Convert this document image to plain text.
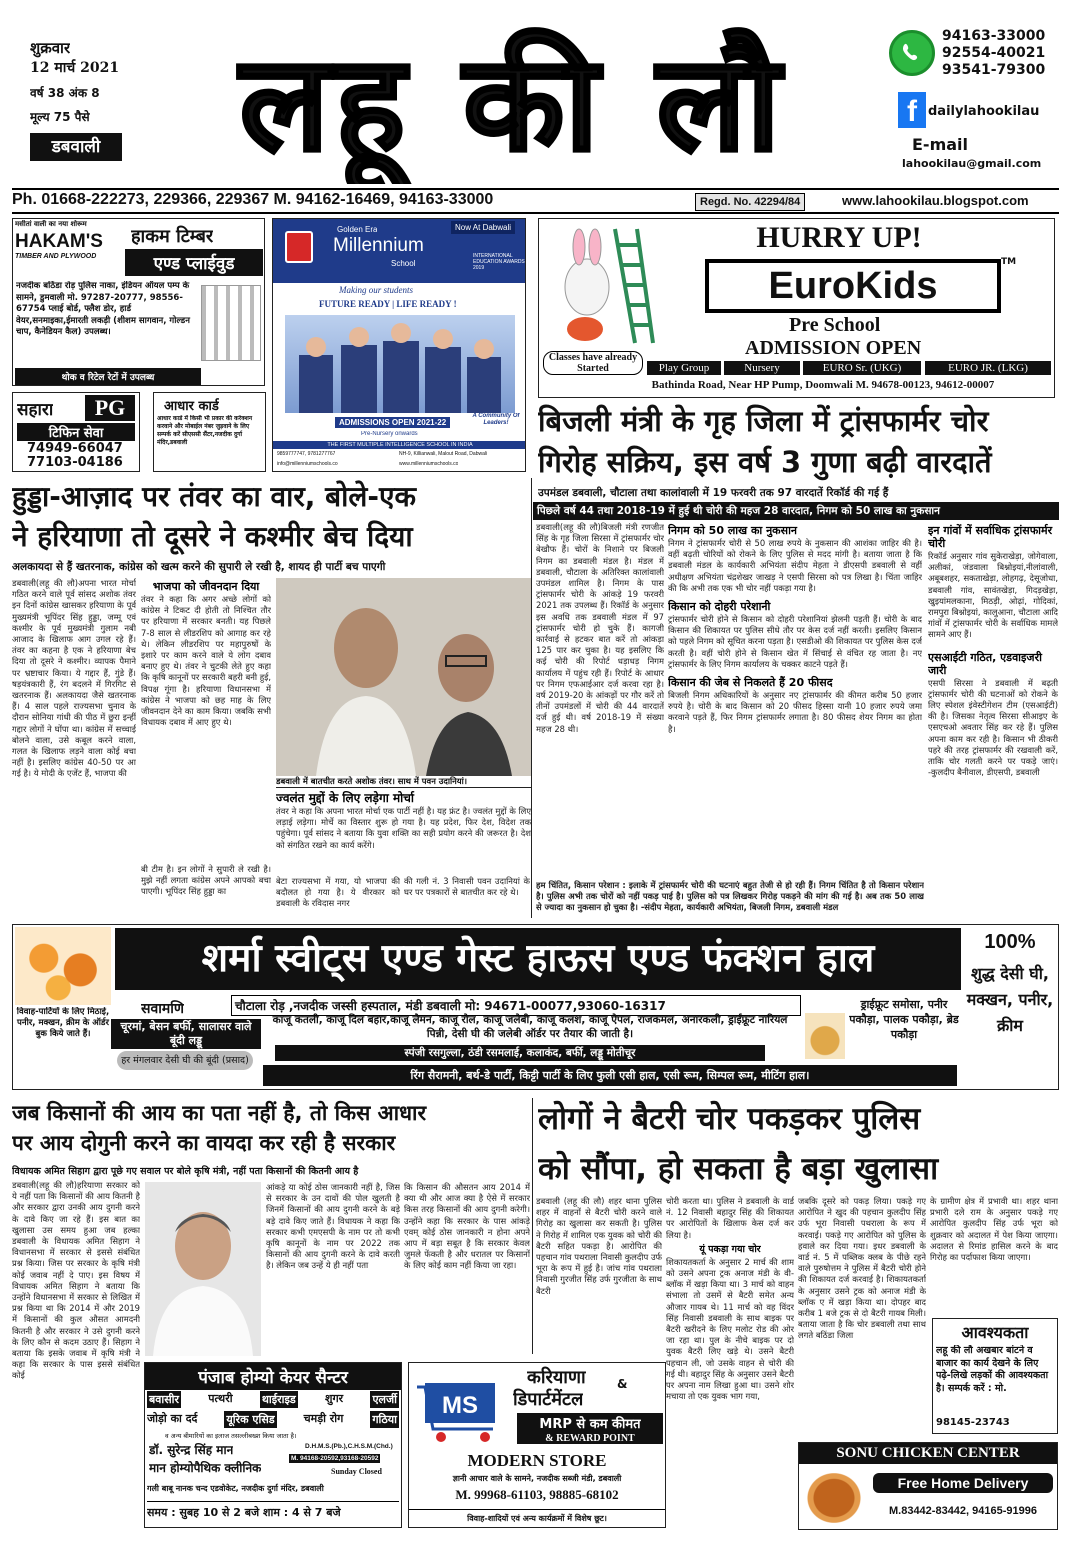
शुक्रवार
12 मार्च 2021
वर्ष 38 अंक 8
मूल्य 75 पैसे
डबवाली	लहू की लौ	94163-33000
92554-40021
93541-79300
f dailylahookilau
E-mail
lahookilau@gmail.com
Ph. 01668-222273, 229366, 229367 M. 94162-16469, 94163-33000	Regd. No. 42294/84	www.lahookilau.blogspot.com
मसीतां वाली का नया शोरूम
HAKAM'S
TIMBER AND PLYWOOD
हाकम टिम्बर
एण्ड प्लाईवुड
नजदीक बठिंडा रोड़ पुलिस नाका, इंडियन ऑयल पम्प के सामने, डुमवाली मो. 97287-20777, 98556-67754 प्लाई बोर्ड, फ्लैश डोर, हार्ड वेयर,सनमाइका,ईमारती लकड़ी (शीशम सागवान, गोल्डन चाप, कैनेडियन कैल) उपलब्ध।
थोक व रिटेल रेटों में उपलब्ध
सहारा	PG
टिफिन सेवा
74949-66047
77103-04186
आधार कार्ड
आधार कार्ड में किसी भी प्रकार की करेक्शन करवाने और मोबाईल नंबर जुड़वाने के लिए सम्पर्क करें सीएससी सैंटर,नजदीक दुर्गा मंदिर,डबवाली
Golden Era
Millennium
School
Now At Dabwali
INTERNATIONAL EDUCATION AWARDS 2019
Making our students
FUTURE READY | LIFE READY !
ADMISSIONS OPEN 2021-22
Pre-Nursery onwards
A Community Of Leaders!
THE FIRST MULTIPLE INTELLIGENCE SCHOOL IN INDIA
9859777747, 9781277767	NH-9, Killianwali, Malout Road, Dabwali
info@millenniumschools.co	www.millenniumschools.co
HURRY UP!
EuroKids
TM
Pre School
ADMISSION OPEN
Classes have already Started	Play Group	Nursery	EURO Sr. (UKG)	EURO JR. (LKG)
Bathinda Road, Near HP Pump, Doomwali M. 94678-00123, 94612-00007
बिजली मंत्री के गृह जिला में ट्रांसफार्मर चोर
गिरोह सक्रिय, इस वर्ष 3 गुणा बढ़ी वारदातें
उपमंडल डबवाली, चौटाला तथा कालांवाली में 19 फरवरी तक 97 वारदातें रिकॉर्ड की गई हैं
पिछले वर्ष 44 तथा 2018-19 में हुई थी चोरी की महज 28 वारदात, निगम को 50 लाख का नुकसान
डबवाली(लहू की लौ)बिजली मंत्री रणजीत सिंह के गृह जिला सिरसा में ट्रांसफार्मर चोर बेखौफ हैं। चोरों के निशाने पर बिजली निगम का डबवाली मंडल है। मंडल में डबवाली, चौटाला के अतिरिक्त कालांवाली उपमंडल शामिल है। निगम के पास ट्रांसफार्मर चोरी के आंकड़े 19 फरवरी 2021 तक उपलब्ध हैं। रिकॉर्ड के अनुसार इस अवधि तक डबवाली मंडल में 97 ट्रांसफार्मर चोरी हो चुके हैं। कागजी कार्रवाई से हटकर बात करें तो आंकड़ा 125 पार कर चुका है। यह इसलिए कि कई चोरी की रिपोर्ट धड़ाधड़ निगम कार्यालय में पहुंच रही हैं। रिपोर्ट के आधार पर निगम एफआईआर दर्ज करवा रहा है। वर्ष 2019-20 के आंकड़ों पर गौर करें तो तीनों उपमंडलों में चोरी की 44 वारदातें दर्ज हुई थी। वर्ष 2018-19 में संख्या महज 28 थी।
निगम को 50 लाख का नुकसान
निगम ने ट्रांसफार्मर चोरी से 50 लाख रुपये के नुकसान की आशंका जाहिर की है। वहीं बढ़ती चोरियों को रोकने के लिए पुलिस से मदद मांगी है। बताया जाता है कि डबवाली मंडल के कार्यकारी अभियंता संदीप मेहता ने डीएसपी डबवाली से वहीं अधीक्षण अभियंता चंद्रशेखर जाखड़ ने एसपी सिरसा को पत्र लिखा है। चिंता जाहिर की कि अभी तक एक भी चोर नहीं पकड़ा गया है।
किसान को दोहरी परेशानी
ट्रांसफार्मर चोरी होने से किसान को दोहरी परेशानियां झेलनी पड़ती हैं। चोरी के बाद किसान की शिकायत पर पुलिस सीधे तौर पर केस दर्ज नहीं करती। इसलिए किसान को पहले निगम को सूचित करना पड़ता है। एसडीओ की शिकायत पर पुलिस केस दर्ज करती है। वहीं चोरी होने से किसान खेत में सिंचाई से वंचित रह जाता है। नए ट्रांसफार्मर के लिए निगम कार्यालय के चक्कर काटने पड़ते हैं।
किसान की जेब से निकलते हैं 20 फीसद
बिजली निगम अधिकारियों के अनुसार नए ट्रांसफार्मर की कीमत करीब 50 हजार रुपये है। चोरी के बाद किसान को 20 फीसद हिस्सा यानी 10 हजार रुपये जमा करवाने पड़ते हैं, फिर निगम ट्रांसफार्मर लगाता है। 80 फीसद शेयर निगम का होता है।
हम चिंतित, किसान परेशान : इलाके में ट्रांसफार्मर चोरी की घटनाएं बहुत तेजी से हो रही हैं। निगम चिंतित है तो किसान परेशान है। पुलिस अभी तक चोरों को नहीं पकड़ पाई है। पुलिस को पत्र लिखकर गिरोह पकड़ने की मांग की गई है। अब तक 50 लाख से ज्यादा का नुकसान हो चुका है। -संदीप मेहता, कार्यकारी अभियंता, बिजली निगम, डबवाली मंडल
इन गांवों में सर्वाधिक ट्रांसफार्मर चोरी
रिकॉर्ड अनुसार गांव सुकेराखेड़ा, जोगेवाला, अलीकां, जंडवाला बिश्नोइयां,नीलांवाली, अबूबशहर, सकताखेड़ा, लोहगढ़, देसूजोधा, डबवाली गांव, सावंतखेड़ा, गिदड़खेड़ा, खुइयांमलकाना, मिठड़ी, ओढ़ां, गोदिकां, रामपुरा बिश्नोइयां, कालुआना, चौटाला आदि गांवों में ट्रांसफार्मर चोरी के सर्वाधिक मामले सामने आए हैं।
एसआईटी गठित, एडवाइजरी जारी
एसपी सिरसा ने डबवाली में बढ़ती ट्रांसफार्मर चोरी की घटनाओं को रोकने के लिए स्पेशल इंवेस्टीगेशन टीम (एसआईटी) की है। जिसका नेतृत्व सिरसा सीआइए के एसएचओ अवतार सिंह कर रहे हैं। पुलिस अपना काम कर रही है। किसान भी ठीकरी पहरे की तरह ट्रांसफार्मर की रखवाली करें, ताकि चोर गलती करने पर पकड़े जाएं। -कुलदीप बैनीवाल, डीएसपी, डबवाली
हुड्डा-आज़ाद पर तंवर का वार, बोले-एक
ने हरियाणा तो दूसरे ने कश्मीर बेच दिया
अलकायदा से हैं खतरनाक, कांग्रेस को खत्म करने की सुपारी ले रखी है, शायद ही पार्टी बच पाएगी
डबवाली(लहू की लौ)अपना भारत मोर्चा गठित करने वाले पूर्व सांसद अशोक तंवर इन दिनों कांग्रेस खासकर हरियाणा के पूर्व मुख्यमंत्री भूपिंदर सिंह हुड्डा, जम्मू एवं कश्मीर के पूर्व मुख्यमंत्री गुलाम नबी आजाद के खिलाफ आग उगल रहे हैं। तंवर का कहना है एक ने हरियाणा बेच दिया तो दूसरे ने कश्मीर। व्यापक पैमाने पर भ्रष्टाचार किया। ये गद्दार हैं, गुंडे हैं। षड़यंत्रकारी हैं, रंग बदलने में गिरगिट से खतरनाक हैं। अलकायदा जैसे खतरनाक हैं। 4 साल पहले राज्यसभा चुनाव के दौरान सोनिया गांधी की पीठ में छुरा इन्हीं गद्दार लोगों ने घोंपा था। कांग्रेस में सच्चाई बोलने वाला, उसे कबूल करने वाला, गलत के खिलाफ लड़ने वाला कोई बचा नहीं है। इसलिए कांग्रेस 40-50 पर आ गई है। ये मोदी के एजेंट हैं, भाजपा की
भाजपा को जीवनदान दिया
तंवर ने कहा कि अगर अच्छे लोगों को कांग्रेस ने टिकट दी होती तो निश्चित तौर पर हरियाणा में सरकार बनती। यह पिछले 7-8 साल से लीडरशिप को आगाह कर रहे थे। लेकिन लीडरशिप पर महापुरुषों के इशारे पर काम करने वाले ये लोग दबाव बनाए हुए थे। तंवर ने चुटकी लेते हुए कहा कि कृषि कानूनों पर सरकारी बहरी बनी हुई, विपक्ष गूंगा है। हरियाणा विधानसभा में कांग्रेस ने भाजपा को छह माह के लिए जीवनदान देने का काम किया। जबकि सभी विधायक दबाव में आए हुए थे।
डबवाली में बातचीत करते अशोक तंवर। साथ में पवन उदानियां।
ज्वलंत मुद्दों के लिए लड़ेगा मोर्चा
तंवर ने कहा कि अपना भारत मोर्चा एक पार्टी नहीं है। यह फ्रंट है। ज्वलंत मुद्दों के लिए लड़ाई लड़ेगा। मोर्चे का विस्तार शुरू हो गया है। यह प्रदेश, फिर देश, विदेश तक पहुंचेगा। पूर्व सांसद ने बताया कि युवा शक्ति का सही प्रयोग करने की जरूरत है। देश को संगठित रखने का कार्य करेंगे।
बी टीम है। इन लोगों ने सुपारी ले रखी है। मुझे नहीं लगता कांग्रेस अपने आपको बचा पाएगी। भूपिंदर सिंह हुड्डा का
बेटा राज्यसभा में गया, यो भाजपा की बदौलत हो गया है। ये वीरकार को डबवाली के रविदास नगर
की गली नं. 3 निवासी पवन उदानियां के घर पर पत्रकारों से बातचीत कर रहे थे।
विवाह-पार्टियों के लिए मिठाई, पनीर, मक्खन, क्रीम के ऑर्डर बुक किये जाते हैं।
शर्मा स्वीट्स एण्ड गेस्ट हाऊस एण्ड फंक्शन हाल
चौटाला रोड़ ,नजदीक जस्सी हस्पताल, मंडी डबवाली मो: 94671-00077,93060-16317
सवामणि
चूरमां, बेसन बर्फी, सालासर वाले बूंदी लड्डू
हर मंगलवार देसी घी की बूंदी (प्रसाद)
काजू कतली, काजू दिल बहार,काजू लैमन, काजू रोल, काजू जलेबी, काजू कलश, काजू ऐपल, राजकमल, अनारकली, ड्राईफ्रूट नारियल पिन्नी, देसी घी की जलेबी ऑर्डर पर तैयार की जाती है।
स्पंजी रसगुल्ला, ठंडी रसमलाई, कलाकंद, बर्फी, लड्डू मोतीचूर
रिंग सैरामनी, बर्थ-डे पार्टी, किट्टी पार्टी के लिए फुली एसी हाल, एसी रूम, सिम्पल रूम, मीटिंग हाल।
ड्राईफ्रूट समोसा, पनीर पकौड़ा, पालक पकौड़ा, ब्रेड पकौड़ा
100%
शुद्ध देसी घी, मक्खन, पनीर, क्रीम
जब किसानों की आय का पता नहीं है, तो किस आधार
पर आय दोगुनी करने का वायदा कर रही है सरकार
विधायक अमित सिहाग द्वारा पूछे गए सवाल पर बोले कृषि मंत्री, नहीं पता किसानों की कितनी आय है
डबवाली(लहू की लौ)हरियाणा सरकार को ये नहीं पता कि किसानों की आय कितनी है और सरकार द्वारा उनकी आय दुगनी करने के दावे किए जा रहे हैं। इस बात का खुलासा उस समय हुआ जब हल्का डबवाली के विधायक अमित सिहाग ने विधानसभा में सरकार से इससे संबंधित प्रश्न किया। जिस पर सरकार के कृषि मंत्री कोई जवाब नहीं दे पाए। इस विषय में विधायक अमित सिहाग ने बताया कि उन्होंने विधानसभा में सरकार से लिखित में प्रश्न किया था कि 2014 में और 2019 में किसानों की कुल औसत आमदनी कितनी है और सरकार ने उसे दुगनी करने के लिए कौन से कदम उठाए हैं। सिहाग ने बताया कि इसके जवाब में कृषि मंत्री ने कहा कि सरकार के पास इससे संबंधित कोई
आंकड़े या कोई ठोस जानकारी नहीं है, जिस से सरकार के उन दावों की पोल खुलती है जिनमें किसानों की आय दुगनी करने के बड़े बड़े दावे किए जाते हैं। विधायक ने कहा कि सरकार कभी एमएसपी के नाम पर तो कभी कृषि कानूनों के नाम पर 2022 तक किसानों की आय दुगनी करने के दावे करती है। लेकिन जब उन्हें ये ही नहीं पता
कि किसान की औसतन आय 2014 में क्या थी और आज क्या है ऐसे में सरकार किस तरह किसानों की आय दुगनी करेगी। उन्होंने कहा कि सरकार के पास आंकड़े एवम् कोई ठोस जानकारी न होना अपने आप में बड़ा सबूत है कि सरकार केवल जुमले फेंकती है और धरातल पर किसानों के लिए कोई काम नहीं किया जा रहा।
पंजाब होम्यो केयर सैन्टर
बवासीर	पत्थरी	थाईराइड	शुगर	एलर्जी
जोड़ो का दर्द	यूरिक एसिड	चमड़ी रोग	गठिया
व अन्य बीमारियों का इलाज तसल्लीबख्श किया जाता है।
डॉ. सुरेन्द्र सिंह मान
मान होम्योपैथिक क्लीनिक
D.H.M.S.(Pb.),C.H.S.M.(Chd.)
M. 94168-20592,93168-20592
Sunday Closed
गली बाबू नानक चन्द एडवोकेट, नजदीक दुर्गा मंदिर, डबवाली
समय : सुबह 10 से 2 बजे शाम : 4 से 7 बजे
करियाणा	&
डिपार्टमेंटल
MS
MRP से कम कीमत
& REWARD POINT
MODERN STORE
ज्ञानी आचार वाले के सामने, नजदीक सब्जी मंडी, डबवाली
M. 99968-61103, 98885-68102
विवाह-शादियों एवं अन्य कार्यक्रमों में विशेष छूट।
लोगों ने बैटरी चोर पकड़कर पुलिस
को सौंपा, हो सकता है बड़ा खुलासा
डबवाली (लहू की लौ) शहर थाना पुलिस शहर में वाहनों से बैटरी चोरी करने वाले गिरोह का खुलासा कर सकती है। पुलिस ने गिरोह में शामिल एक युवक को चोरी की बैटरी सहित पकड़ा है। आरोपित की पहचान गांव पथराला निवासी कुलदीप उर्फ भूरा के रूप में हुई है। जांच गांव पथराला निवासी गुरजीत सिंह उर्फ गुरजीता के साथ बैटरी
चोरी करता था। पुलिस ने डबवाली के वार्ड नं. 12 निवासी बहादुर सिंह की शिकायत पर आरोपितों के खिलाफ केस दर्ज कर लिया है।
यूं पकड़ा गया चोर
शिकायतकर्ता के अनुसार 2 मार्च की शाम को उसने अपना ट्रक अनाज मंडी के वी-ब्लॉक में खड़ा किया था। 3 मार्च को वाहन संभाला तो उसमें से बैटरी समेत अन्य औजार गायब थे। 11 मार्च को वह विंदर सिंह निवासी डबवाली के साथ बाइक पर बैटरी खरीदने के लिए मलोट रोड की ओर जा रहा था। पुल के नीचे बाइक पर दो युवक बैटरी लिए खड़े थे। उसने बैटरी पहचान ली, जो उसके वाहन से चोरी की गई थी। बहादुर सिंह के अनुसार उसने बैटरी पर अपना नाम लिखा हुआ था। उसने शोर मचाया तो एक युवक भाग गया,
जबकि दूसरे को पकड़ लिया। पकड़े गए आरोपित ने खुद की पहचान कुलदीप सिंह उर्फ भूरा निवासी पथराला के रूप में करवाई। पकड़े गए आरोपित को पुलिस के हवाले कर दिया गया। इधर डबवाली के वार्ड नं. 5 में पब्लिक क्लब के पीछे रहने वाले पुरुषोत्तम ने पुलिस में बैटरी चोरी होने की शिकायत दर्ज करवाई है। शिकायतकर्ता के अनुसार उसने ट्रक को अनाज मंडी के ब्लॉक ए में खड़ा किया था। दोपहर बाद करीब 1 बजे ट्रक से दो बैटरी गायब मिली। बताया जाता है कि चोर डबवाली तथा साथ लगते बठिंडा जिला
के ग्रामीण क्षेत्र में प्रभावी था। शहर थाना प्रभारी दले राम के अनुसार पकड़े गए आरोपित कुलदीप सिंह उर्फ भूरा को शुक्रवार को अदालत में पेश किया जाएगा। अदालत से रिमांड हासिल करने के बाद गिरोह का पर्दाफाश किया जाएगा।
आवश्यकता
लहू की लौ अखबार बांटने व बाजार का कार्य देखने के लिए पढ़े-लिखे लड़कों की आवश्यकता है। सम्पर्क करें : मो.
98145-23743
SONU CHICKEN CENTER
Free Home Delivery
M.83442-83442, 94165-91996
